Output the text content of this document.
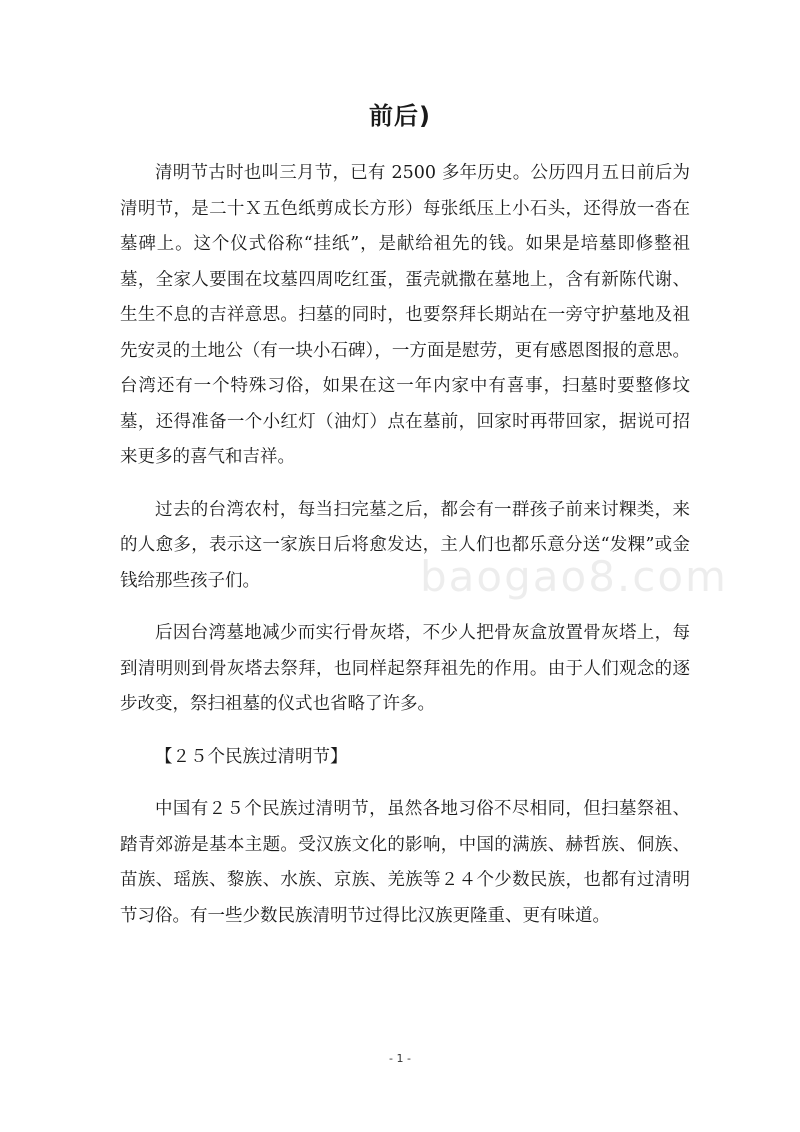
前后)

清明节古时也叫三月节，已有 2500 多年历史。公历四月五日前后为清明节，是二十Ｘ五色纸剪成长方形）每张纸压上小石头，还得放一沓在墓碑上。这个仪式俗称“挂纸”，是献给祖先的钱。如果是培墓即修整祖墓，全家人要围在坟墓四周吃红蛋，蛋壳就撒在墓地上，含有新陈代谢、生生不息的吉祥意思。扫墓的同时，也要祭拜长期站在一旁守护墓地及祖先安灵的土地公（有一块小石碑），一方面是慰劳，更有感恩图报的意思。台湾还有一个特殊习俗，如果在这一年内家中有喜事，扫墓时要整修坟墓，还得准备一个小红灯（油灯）点在墓前，回家时再带回家，据说可招来更多的喜气和吉祥。

过去的台湾农村，每当扫完墓之后，都会有一群孩子前来讨粿类，来的人愈多，表示这一家族日后将愈发达，主人们也都乐意分送“发粿”或金钱给那些孩子们。

后因台湾墓地减少而实行骨灰塔，不少人把骨灰盒放置骨灰塔上，每到清明则到骨灰塔去祭拜，也同样起祭拜祖先的作用。由于人们观念的逐步改变，祭扫祖墓的仪式也省略了许多。

【２５个民族过清明节】

中国有２５个民族过清明节，虽然各地习俗不尽相同，但扫墓祭祖、踏青郊游是基本主题。受汉族文化的影响，中国的满族、赫哲族、侗族、苗族、瑶族、黎族、水族、京族、羌族等２４个少数民族，也都有过清明节习俗。有一些少数民族清明节过得比汉族更隆重、更有味道。

baogao8.com
- 1 -
